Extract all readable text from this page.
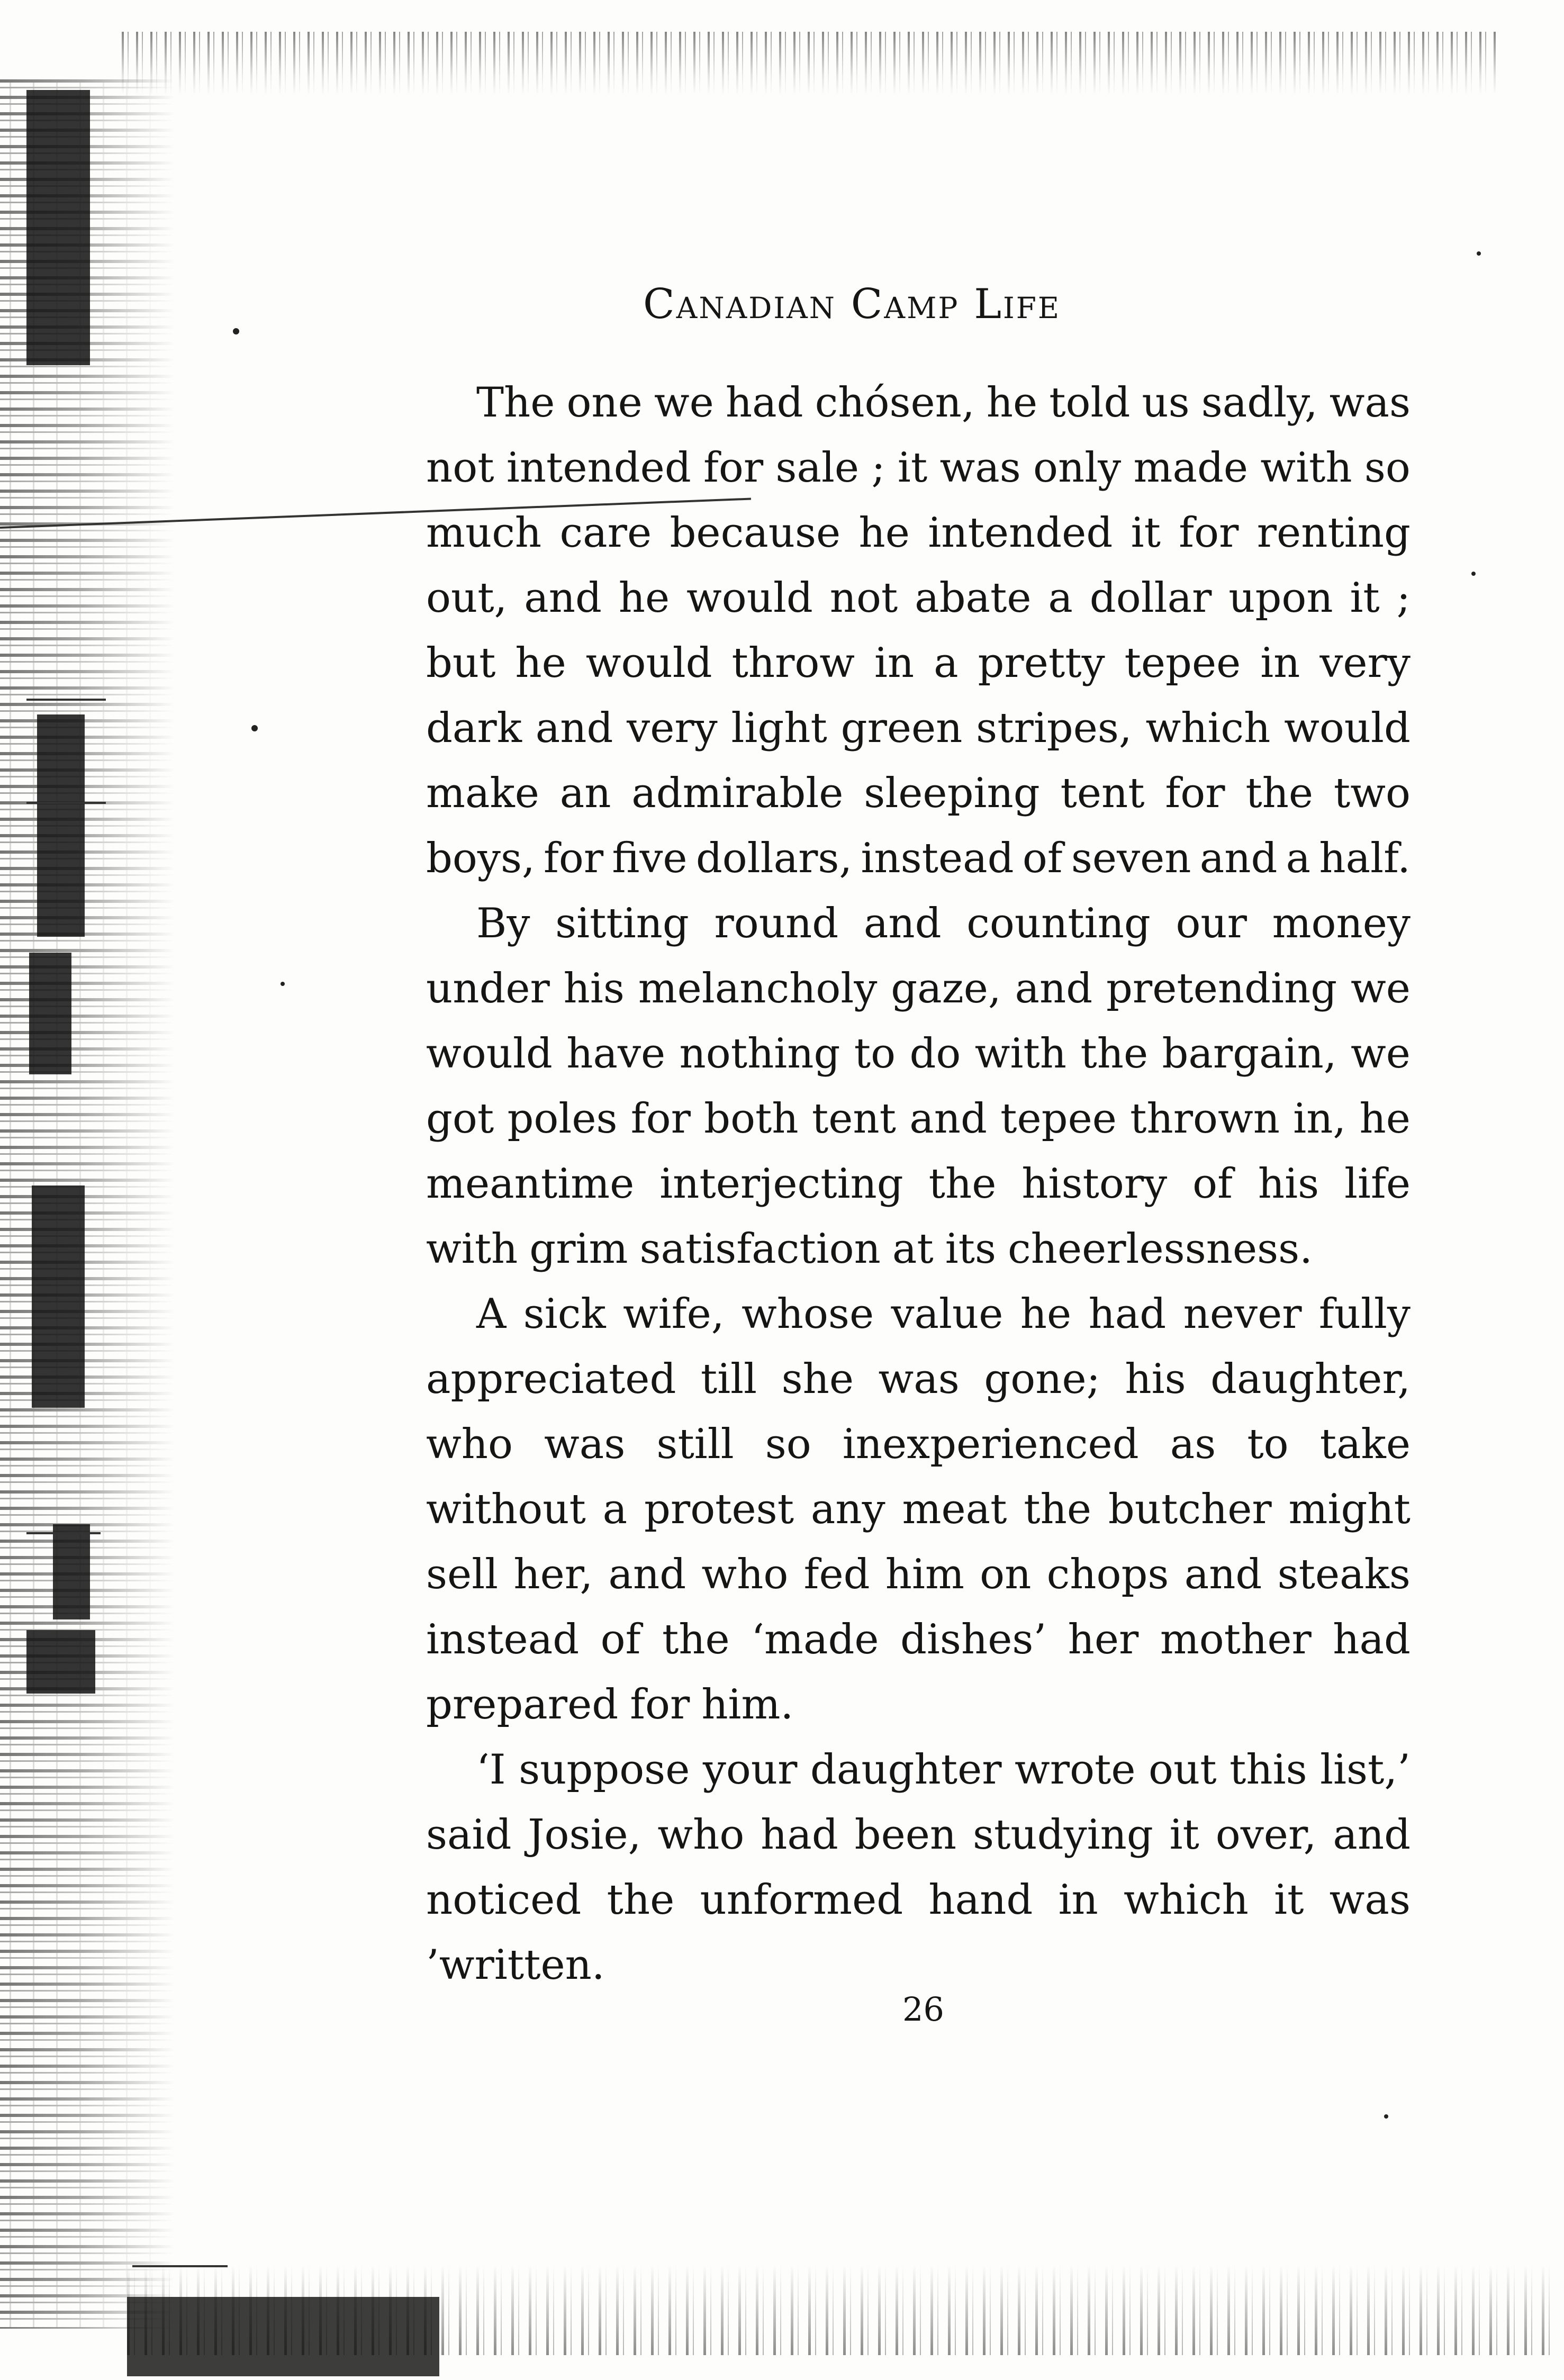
Canadian Camp Life
The one we had chósen, he told us sadly, was
not intended for sale ; it was only made with so
much care because he intended it for renting
out, and he would not abate a dollar upon it ;
but he would throw in a pretty tepee in very
dark and very light green stripes, which would
make an admirable sleeping tent for the two
boys, for five dollars, instead of seven and a half.
By sitting round and counting our money
under his melancholy gaze, and pretending we
would have nothing to do with the bargain, we
got poles for both tent and tepee thrown in, he
meantime interjecting the history of his life
with grim satisfaction at its cheerlessness.
A sick wife, whose value he had never fully
appreciated till she was gone; his daughter,
who was still so inexperienced as to take
without a protest any meat the butcher might
sell her, and who fed him on chops and steaks
instead of the ‘made dishes’ her mother had
prepared for him.
‘I suppose your daughter wrote out this list,’
said Josie, who had been studying it over, and
noticed the unformed hand in which it was
’written.

26
